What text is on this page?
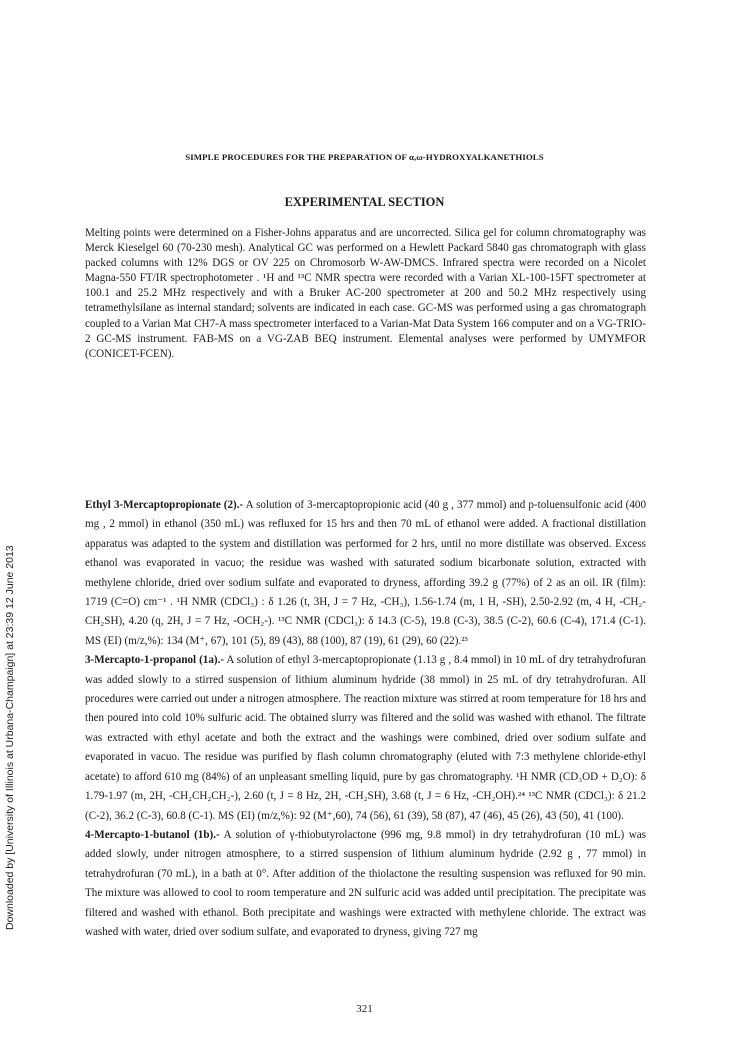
Downloaded by [University of Illinois at Urbana-Champaign] at 23:39 12 June 2013
SIMPLE PROCEDURES FOR THE PREPARATION OF α,ω-HYDROXYALKANETHIOLS
EXPERIMENTAL SECTION

Melting points were determined on a Fisher-Johns apparatus and are uncorrected. Silica gel for column chromatography was Merck Kieselgel 60 (70-230 mesh). Analytical GC was performed on a Hewlett Packard 5840 gas chromatograph with glass packed columns with 12% DGS or OV 225 on Chromosorb W-AW-DMCS. Infrared spectra were recorded on a Nicolet Magna-550 FT/IR spectrophotometer . ¹H and ¹³C NMR spectra were recorded with a Varian XL-100-15FT spectrometer at 100.1 and 25.2 MHz respectively and with a Bruker AC-200 spectrometer at 200 and 50.2 MHz respectively using tetramethylsilane as internal standard; solvents are indicated in each case. GC-MS was performed using a gas chromatograph coupled to a Varian Mat CH7-A mass spectrometer interfaced to a Varian-Mat Data System 166 computer and on a VG-TRIO-2 GC-MS instrument. FAB-MS on a VG-ZAB BEQ instrument. Elemental analyses were performed by UMYMFOR (CONICET-FCEN).

Ethyl 3-Mercaptopropionate (2).- A solution of 3-mercaptopropionic acid (40 g , 377 mmol) and p-toluensulfonic acid (400 mg , 2 mmol) in ethanol (350 mL) was refluxed for 15 hrs and then 70 mL of ethanol were added. A fractional distillation apparatus was adapted to the system and distillation was performed for 2 hrs, until no more distillate was observed. Excess ethanol was evaporated in vacuo; the residue was washed with saturated sodium bicarbonate solution, extracted with methylene chloride, dried over sodium sulfate and evaporated to dryness, affording 39.2 g (77%) of 2 as an oil. IR (film): 1719 (C=O) cm⁻¹ . ¹H NMR (CDCl₃) : δ 1.26 (t, 3H, J = 7 Hz, -CH₃), 1.56-1.74 (m, 1 H, -SH), 2.50-2.92 (m, 4 H, -CH₂-CH₂SH), 4.20 (q, 2H, J = 7 Hz, -OCH₂-). ¹³C NMR (CDCl₃): δ 14.3 (C-5), 19.8 (C-3), 38.5 (C-2), 60.6 (C-4), 171.4 (C-1). MS (EI) (m/z,%): 134 (M⁺, 67), 101 (5), 89 (43), 88 (100), 87 (19), 61 (29), 60 (22).²³

3-Mercapto-1-propanol (1a).- A solution of ethyl 3-mercaptopropionate (1.13 g , 8.4 mmol) in 10 mL of dry tetrahydrofuran was added slowly to a stirred suspension of lithium aluminum hydride (38 mmol) in 25 mL of dry tetrahydrofuran. All procedures were carried out under a nitrogen atmosphere. The reaction mixture was stirred at room temperature for 18 hrs and then poured into cold 10% sulfuric acid. The obtained slurry was filtered and the solid was washed with ethanol. The filtrate was extracted with ethyl acetate and both the extract and the washings were combined, dried over sodium sulfate and evaporated in vacuo. The residue was purified by flash column chromatography (eluted with 7:3 methylene chloride-ethyl acetate) to afford 610 mg (84%) of an unpleasant smelling liquid, pure by gas chromatography. ¹H NMR (CD₃OD + D₂O): δ 1.79-1.97 (m, 2H, -CH₂CH₂CH₂-), 2.60 (t, J = 8 Hz, 2H, -CH₂SH), 3.68 (t, J = 6 Hz, -CH₂OH).²⁴ ¹³C NMR (CDCl₃): δ 21.2 (C-2), 36.2 (C-3), 60.8 (C-1). MS (EI) (m/z,%): 92 (M⁺,60), 74 (56), 61 (39), 58 (87), 47 (46), 45 (26), 43 (50), 41 (100).

4-Mercapto-1-butanol (1b).- A solution of γ-thiobutyrolactone (996 mg, 9.8 mmol) in dry tetrahydrofuran (10 mL) was added slowly, under nitrogen atmosphere, to a stirred suspension of lithium aluminum hydride (2.92 g , 77 mmol) in tetrahydrofuran (70 mL), in a bath at 0°. After addition of the thiolactone the resulting suspension was refluxed for 90 min. The mixture was allowed to cool to room temperature and 2N sulfuric acid was added until precipitation. The precipitate was filtered and washed with ethanol. Both precipitate and washings were extracted with methylene chloride. The extract was washed with water, dried over sodium sulfate, and evaporated to dryness, giving 727 mg

321
